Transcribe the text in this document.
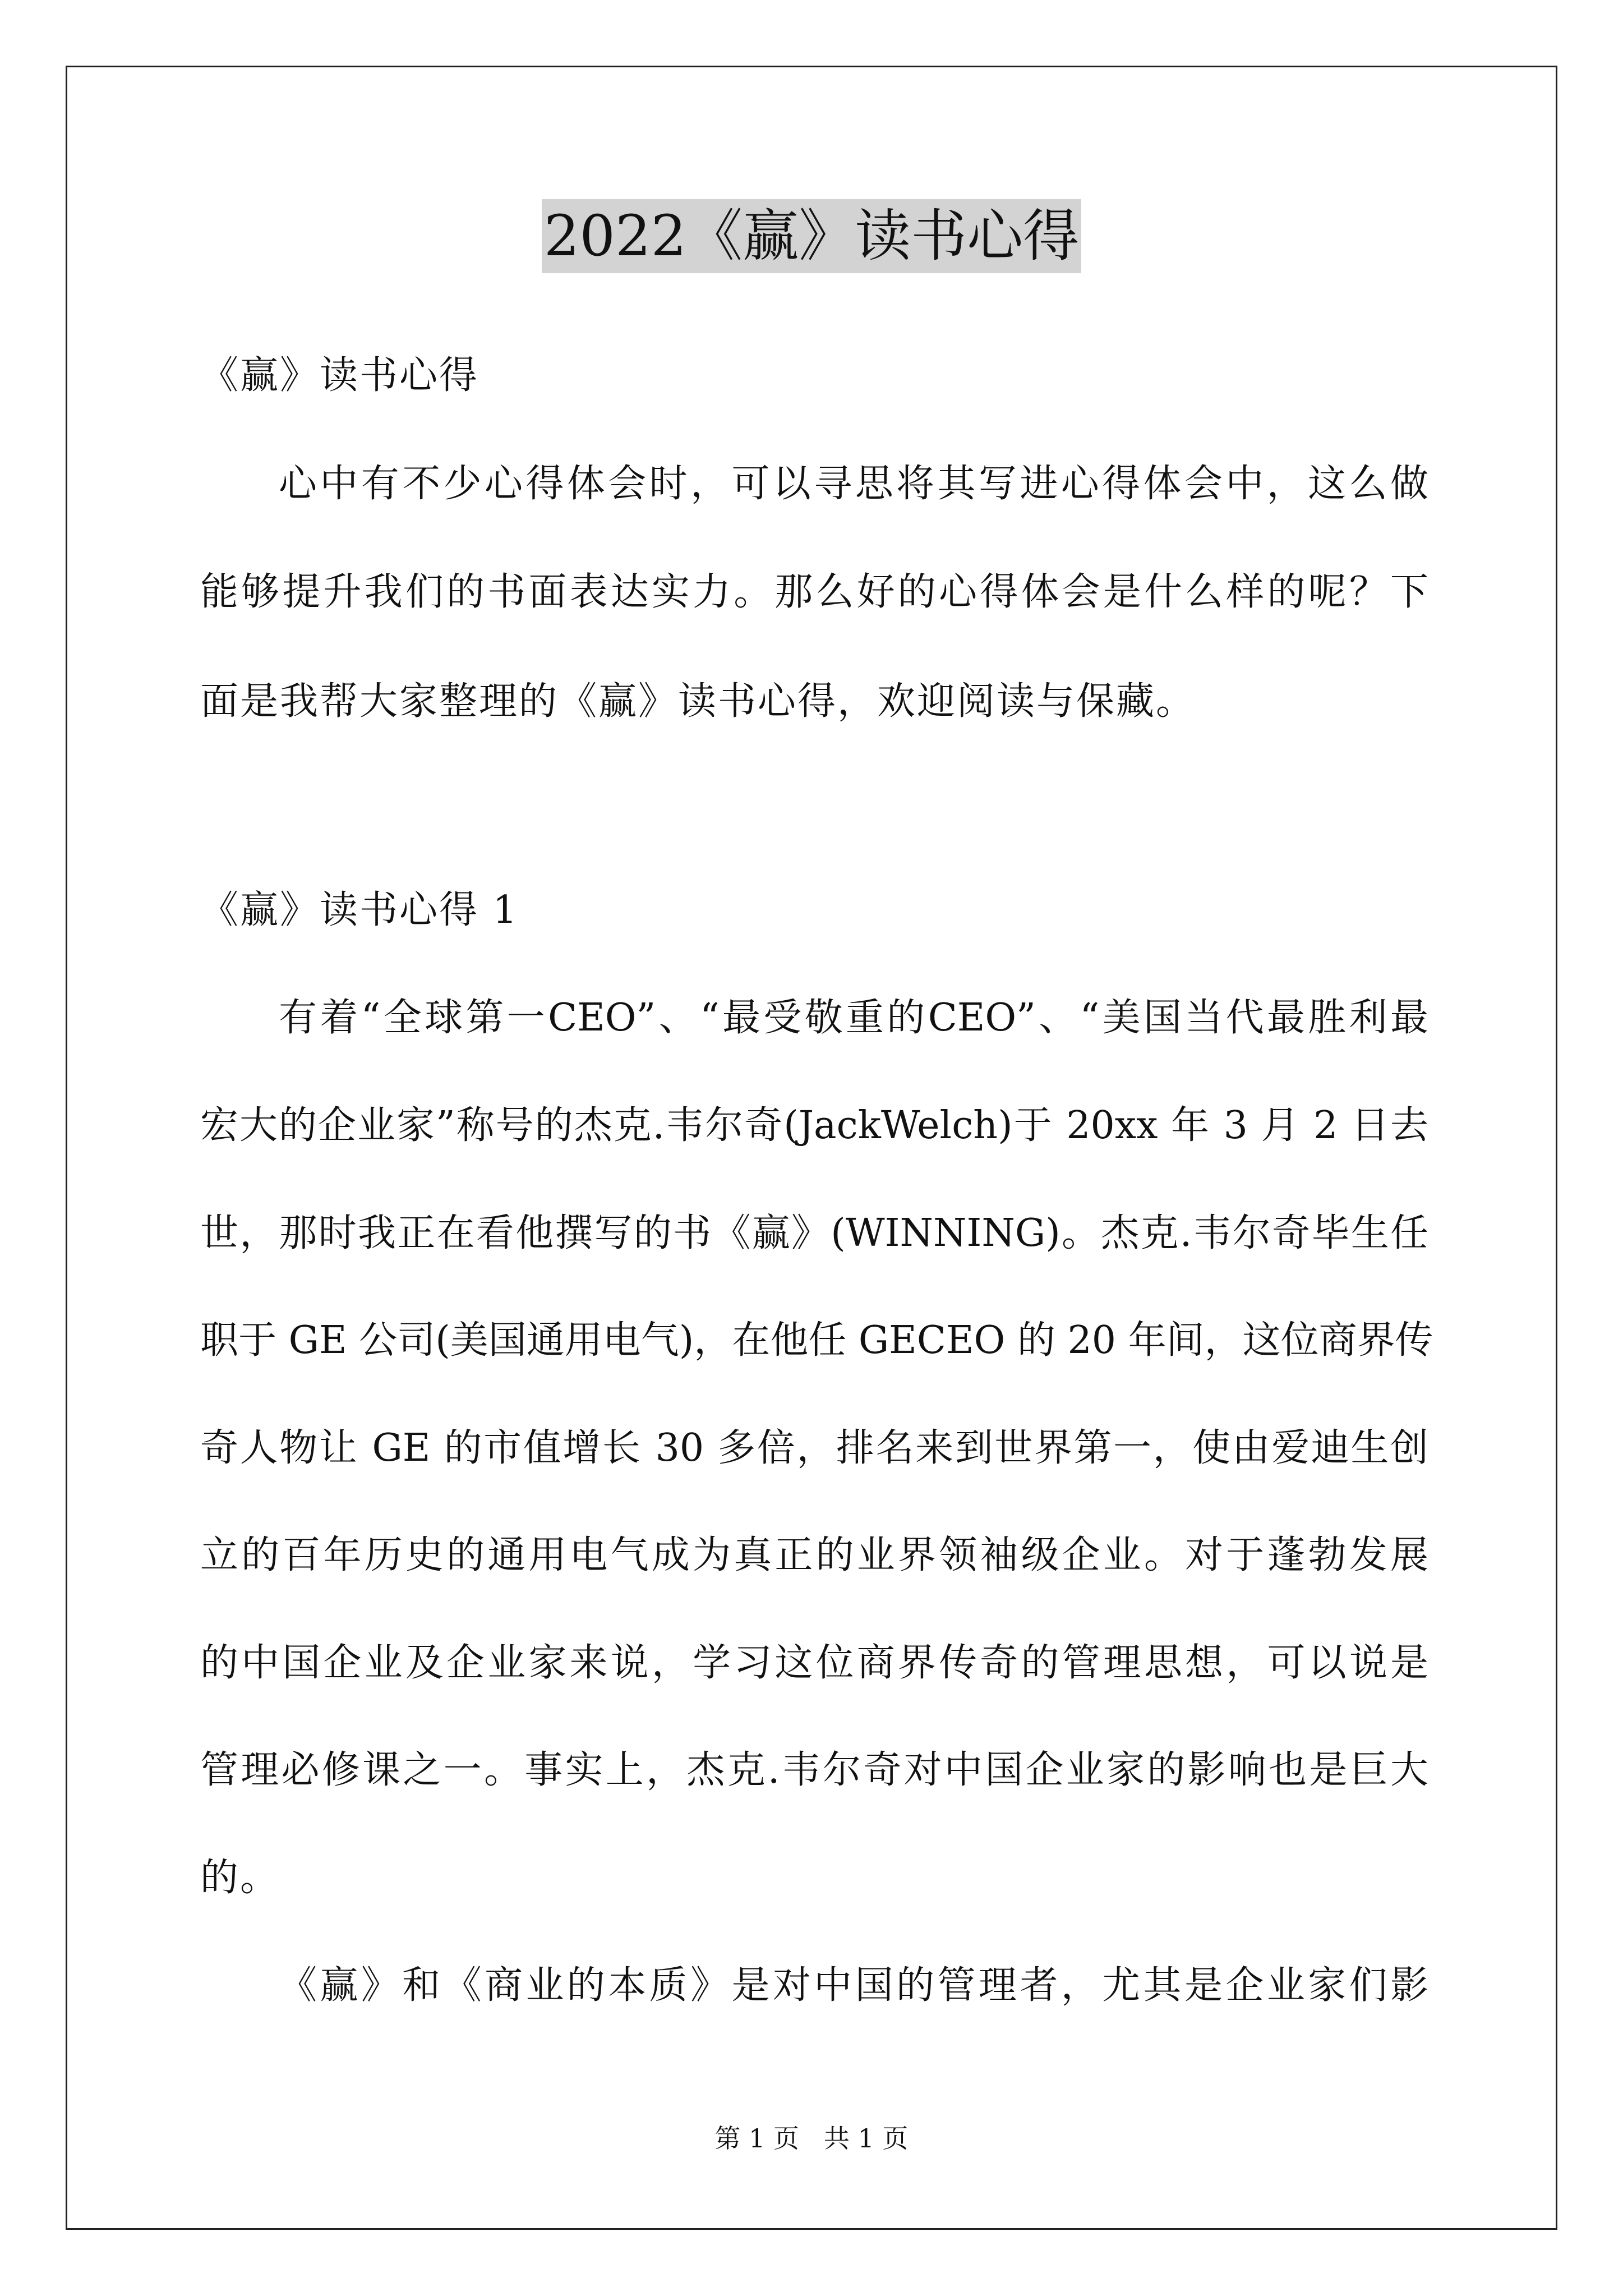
2022《赢》读书心得
《赢》读书心得
心中有不少心得体会时，可以寻思将其写进心得体会中，这么做
能够提升我们的书面表达实力。那么好的心得体会是什么样的呢？下
面是我帮大家整理的《赢》读书心得，欢迎阅读与保藏。
《赢》读书心得 1
有着“全球第一CEO”、“最受敬重的CEO”、“美国当代最胜利最
宏大的企业家”称号的杰克.韦尔奇(JackWelch)于 20xx 年 3 月 2 日去
世，那时我正在看他撰写的书《赢》(WINNING)。杰克.韦尔奇毕生任
职于 GE 公司(美国通用电气)，在他任 GECEO 的 20 年间，这位商界传
奇人物让 GE 的市值增长 30 多倍，排名来到世界第一，使由爱迪生创
立的百年历史的通用电气成为真正的业界领袖级企业。对于蓬勃发展
的中国企业及企业家来说，学习这位商界传奇的管理思想，可以说是
管理必修课之一。事实上，杰克.韦尔奇对中国企业家的影响也是巨大
的。
《赢》和《商业的本质》是对中国的管理者，尤其是企业家们影
第 1 页   共 1 页
